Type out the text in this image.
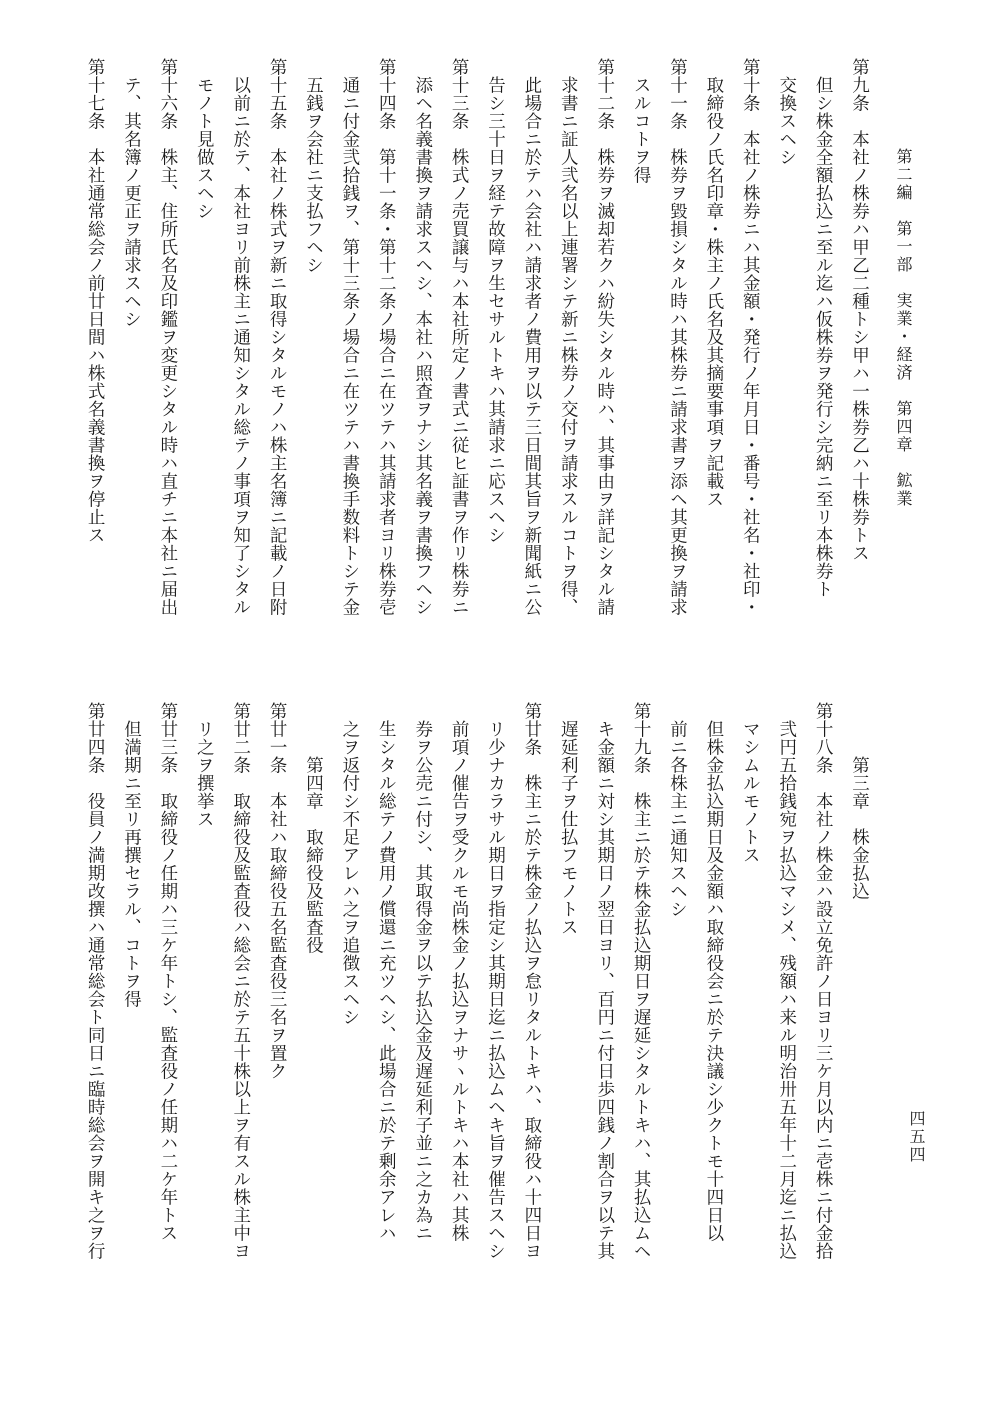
第二編　第一部　実業・経済　第四章　鉱業
四五四
第九条　本社ノ株券ハ甲乙二種トシ甲ハ一株券乙ハ十株券トス
　但シ株金全額払込ニ至ル迄ハ仮株券ヲ発行シ完納ニ至リ本株券ト
　交換スヘシ
第十条　本社ノ株券ニハ其金額・発行ノ年月日・番号・社名・社印・
　取締役ノ氏名印章・株主ノ氏名及其摘要事項ヲ記載ス
第十一条　株券ヲ毀損シタル時ハ其株券ニ請求書ヲ添ヘ其更換ヲ請求
　スルコトヲ得
第十二条　株券ヲ滅却若クハ紛失シタル時ハ、其事由ヲ詳記シタル請
　求書ニ証人弐名以上連署シテ新ニ株券ノ交付ヲ請求スルコトヲ得、
　此場合ニ於テハ会社ハ請求者ノ費用ヲ以テ三日間其旨ヲ新聞紙ニ公
　告シ三十日ヲ経テ故障ヲ生セサルトキハ其請求ニ応スヘシ
第十三条　株式ノ売買譲与ハ本社所定ノ書式ニ従ヒ証書ヲ作リ株券ニ
　添ヘ名義書換ヲ請求スヘシ、本社ハ照査ヲナシ其名義ヲ書換フヘシ
第十四条　第十一条・第十二条ノ場合ニ在ツテハ其請求者ヨリ株券壱
　通ニ付金弐拾銭ヲ、第十三条ノ場合ニ在ツテハ書換手数料トシテ金
　五銭ヲ会社ニ支払フヘシ
第十五条　本社ノ株式ヲ新ニ取得シタルモノハ株主名簿ニ記載ノ日附
　以前ニ於テ、本社ヨリ前株主ニ通知シタル総テノ事項ヲ知了シタル
　モノト見做スヘシ
第十六条　株主、住所氏名及印鑑ヲ変更シタル時ハ直チニ本社ニ届出
　テ、其名簿ノ更正ヲ請求スヘシ
第十七条　本社通常総会ノ前廿日間ハ株式名義書換ヲ停止ス
　　　第三章　株金払込
第十八条　本社ノ株金ハ設立免許ノ日ヨリ三ケ月以内ニ壱株ニ付金拾
　弐円五拾銭宛ヲ払込マシメ、残額ハ来ル明治卅五年十二月迄ニ払込
　マシムルモノトス
　但株金払込期日及金額ハ取締役会ニ於テ決議シ少クトモ十四日以
　前ニ各株主ニ通知スヘシ
第十九条　株主ニ於テ株金払込期日ヲ遅延シタルトキハ、其払込ムヘ
　キ金額ニ対シ其期日ノ翌日ヨリ、百円ニ付日歩四銭ノ割合ヲ以テ其
　遅延利子ヲ仕払フモノトス
第廿条　株主ニ於テ株金ノ払込ヲ怠リタルトキハ、取締役ハ十四日ヨ
　リ少ナカラサル期日ヲ指定シ其期日迄ニ払込ムヘキ旨ヲ催告スヘシ
　前項ノ催告ヲ受クルモ尚株金ノ払込ヲナサヽルトキハ本社ハ其株
　券ヲ公売ニ付シ、其取得金ヲ以テ払込金及遅延利子並ニ之カ為ニ
　生シタル総テノ費用ノ償還ニ充ツヘシ、此場合ニ於テ剰余アレハ
　之ヲ返付シ不足アレハ之ヲ追徴スヘシ
　　　第四章　取締役及監査役
第廿一条　本社ハ取締役五名監査役三名ヲ置ク
第廿二条　取締役及監査役ハ総会ニ於テ五十株以上ヲ有スル株主中ヨ
　リ之ヲ撰挙ス
第廿三条　取締役ノ任期ハ三ケ年トシ、監査役ノ任期ハ二ケ年トス
　但満期ニ至リ再撰セラル、コトヲ得
第廿四条　役員ノ満期改撰ハ通常総会ト同日ニ臨時総会ヲ開キ之ヲ行
